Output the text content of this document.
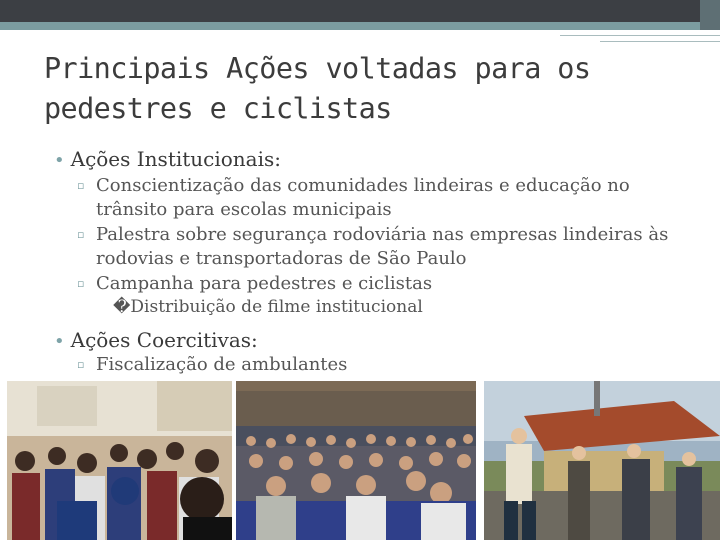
Principais Ações voltadas para os pedestres e ciclistas
• Ações Institucionais:
▫ Conscientização das comunidades lindeiras e educação no trânsito para escolas municipais
▫ Palestra sobre segurança rodoviária nas empresas lindeiras às rodovias e transportadoras de São Paulo
▫ Campanha para pedestres e ciclistas
�Distribuição de filme institucional
• Ações Coercitivas:
▫ Fiscalização de ambulantes
